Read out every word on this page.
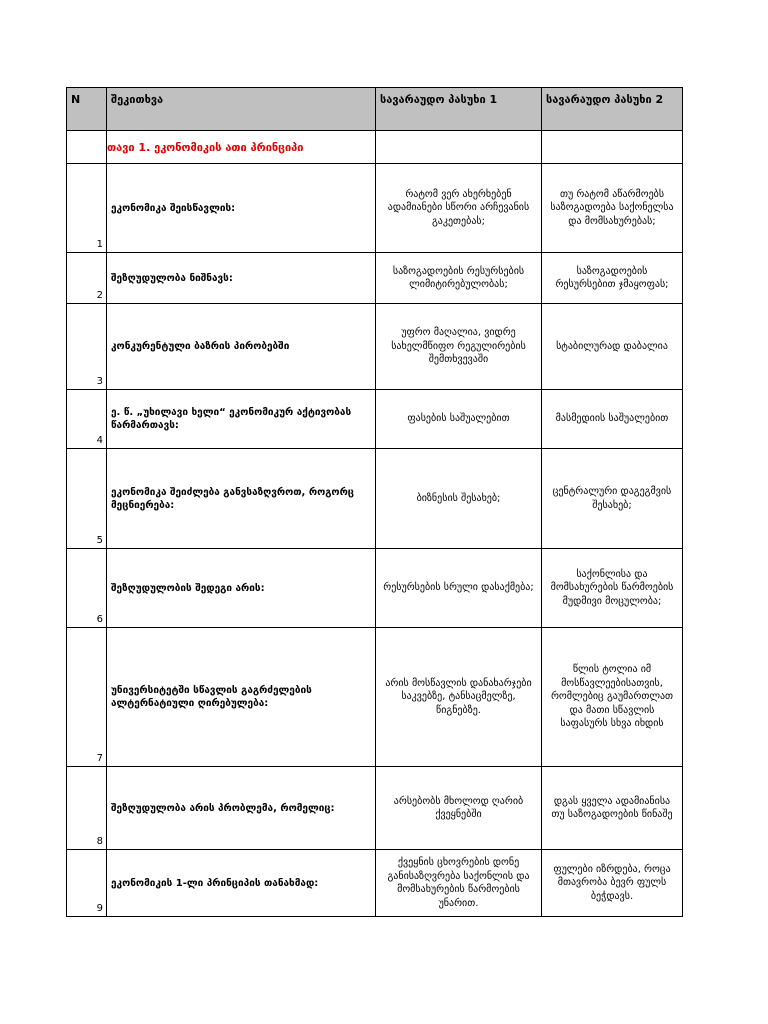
N	შეკითხვა	სავარაუდო პასუხი 1	სავარაუდო პასუხი 2
	თავი 1. ეკონომიკის ათი პრინციპი		
1	ეკონომიკა შეისწავლის:	რატომ ვერ ახერხებენ ადამიანები სწორი არჩევანის გაკეთებას;	თუ რატომ აწარმოებს საზოგადოება საქონელსა და მომსახურებას;
2	შეზღუდულობა ნიშნავს:	საზოგადოების რესურსების ლიმიტირებულობას;	საზოგადოების რესურსებით ჯმაყოფას;
3	კონკურენტული ბაზრის პირობებში	უფრო მაღალია, ვიდრე სახელმწიფო რეგულირების შემთხვევაში	სტაბილურად დაბალია
4	ე. წ. „უხილავი ხელი“ ეკონომიკურ აქტივობას წარმართავს:	ფასების საშუალებით	მასმედიის საშუალებით
5	ეკონომიკა შეიძლება განვსაზღვროთ, როგორც მეცნიერება:	ბიზნესის შესახებ;	ცენტრალური დაგეგმვის შესახებ;
6	შეზღუდულობის შედეგი არის:	რესურსების სრული დასაქმება;	საქონლისა და მომსახურების წარმოების მუდმივი მოცულობა;
7	უნივერსიტეტში სწავლის გაგრძელების ალტერნატიული ღირებულება:	არის მოსწავლის დანახარჯები საკვებზე, ტანსაცმელზე, წიგნებზე.	წლის ტოლია იმ მოსწავლეებისათვის, რომლებიც გაუმართლათ და მათი სწავლის საფასურს სხვა იხდის
8	შეზღუდულობა არის პრობლემა, რომელიც:	არსებობს მხოლოდ ღარიბ ქვეყნებში	დგას ყველა ადამიანისა თუ საზოგადოების წინაშე
9	ეკონომიკის 1-ლი პრინციპის თანახმად:	ქვეყნის ცხოვრების დონე განისაზღვრება საქონლის და მომსახურების წარმოების უნარით.	ფულები იზრდება, როცა მთავრობა ბევრ ფულს ბეჭდავს.
